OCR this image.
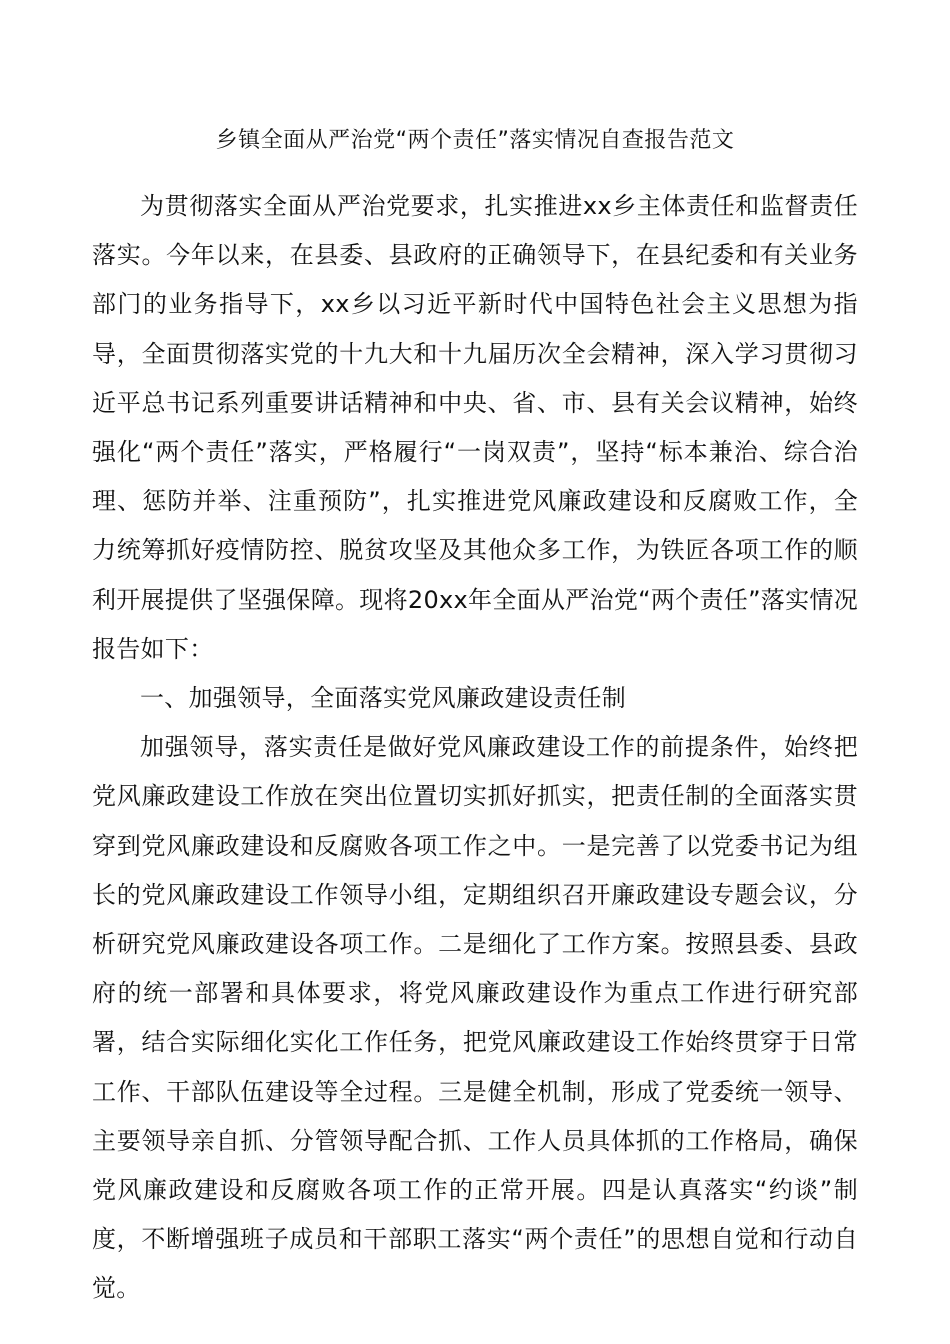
乡镇全面从严治党“两个责任”落实情况自查报告范文

为贯彻落实全面从严治党要求，扎实推进xx乡主体责任和监督责任落实。今年以来，在县委、县政府的正确领导下，在县纪委和有关业务部门的业务指导下，xx乡以习近平新时代中国特色社会主义思想为指导，全面贯彻落实党的十九大和十九届历次全会精神，深入学习贯彻习近平总书记系列重要讲话精神和中央、省、市、县有关会议精神，始终强化“两个责任”落实，严格履行“一岗双责”，坚持“标本兼治、综合治理、惩防并举、注重预防”，扎实推进党风廉政建设和反腐败工作，全力统筹抓好疫情防控、脱贫攻坚及其他众多工作，为铁匠各项工作的顺利开展提供了坚强保障。现将20xx年全面从严治党“两个责任”落实情况报告如下：

一、加强领导，全面落实党风廉政建设责任制

加强领导，落实责任是做好党风廉政建设工作的前提条件，始终把党风廉政建设工作放在突出位置切实抓好抓实，把责任制的全面落实贯穿到党风廉政建设和反腐败各项工作之中。一是完善了以党委书记为组长的党风廉政建设工作领导小组，定期组织召开廉政建设专题会议，分析研究党风廉政建设各项工作。二是细化了工作方案。按照县委、县政府的统一部署和具体要求，将党风廉政建设作为重点工作进行研究部署，结合实际细化实化工作任务，把党风廉政建设工作始终贯穿于日常工作、干部队伍建设等全过程。三是健全机制，形成了党委统一领导、主要领导亲自抓、分管领导配合抓、工作人员具体抓的工作格局，确保党风廉政建设和反腐败各项工作的正常开展。四是认真落实“约谈”制度，不断增强班子成员和干部职工落实“两个责任”的思想自觉和行动自觉。
